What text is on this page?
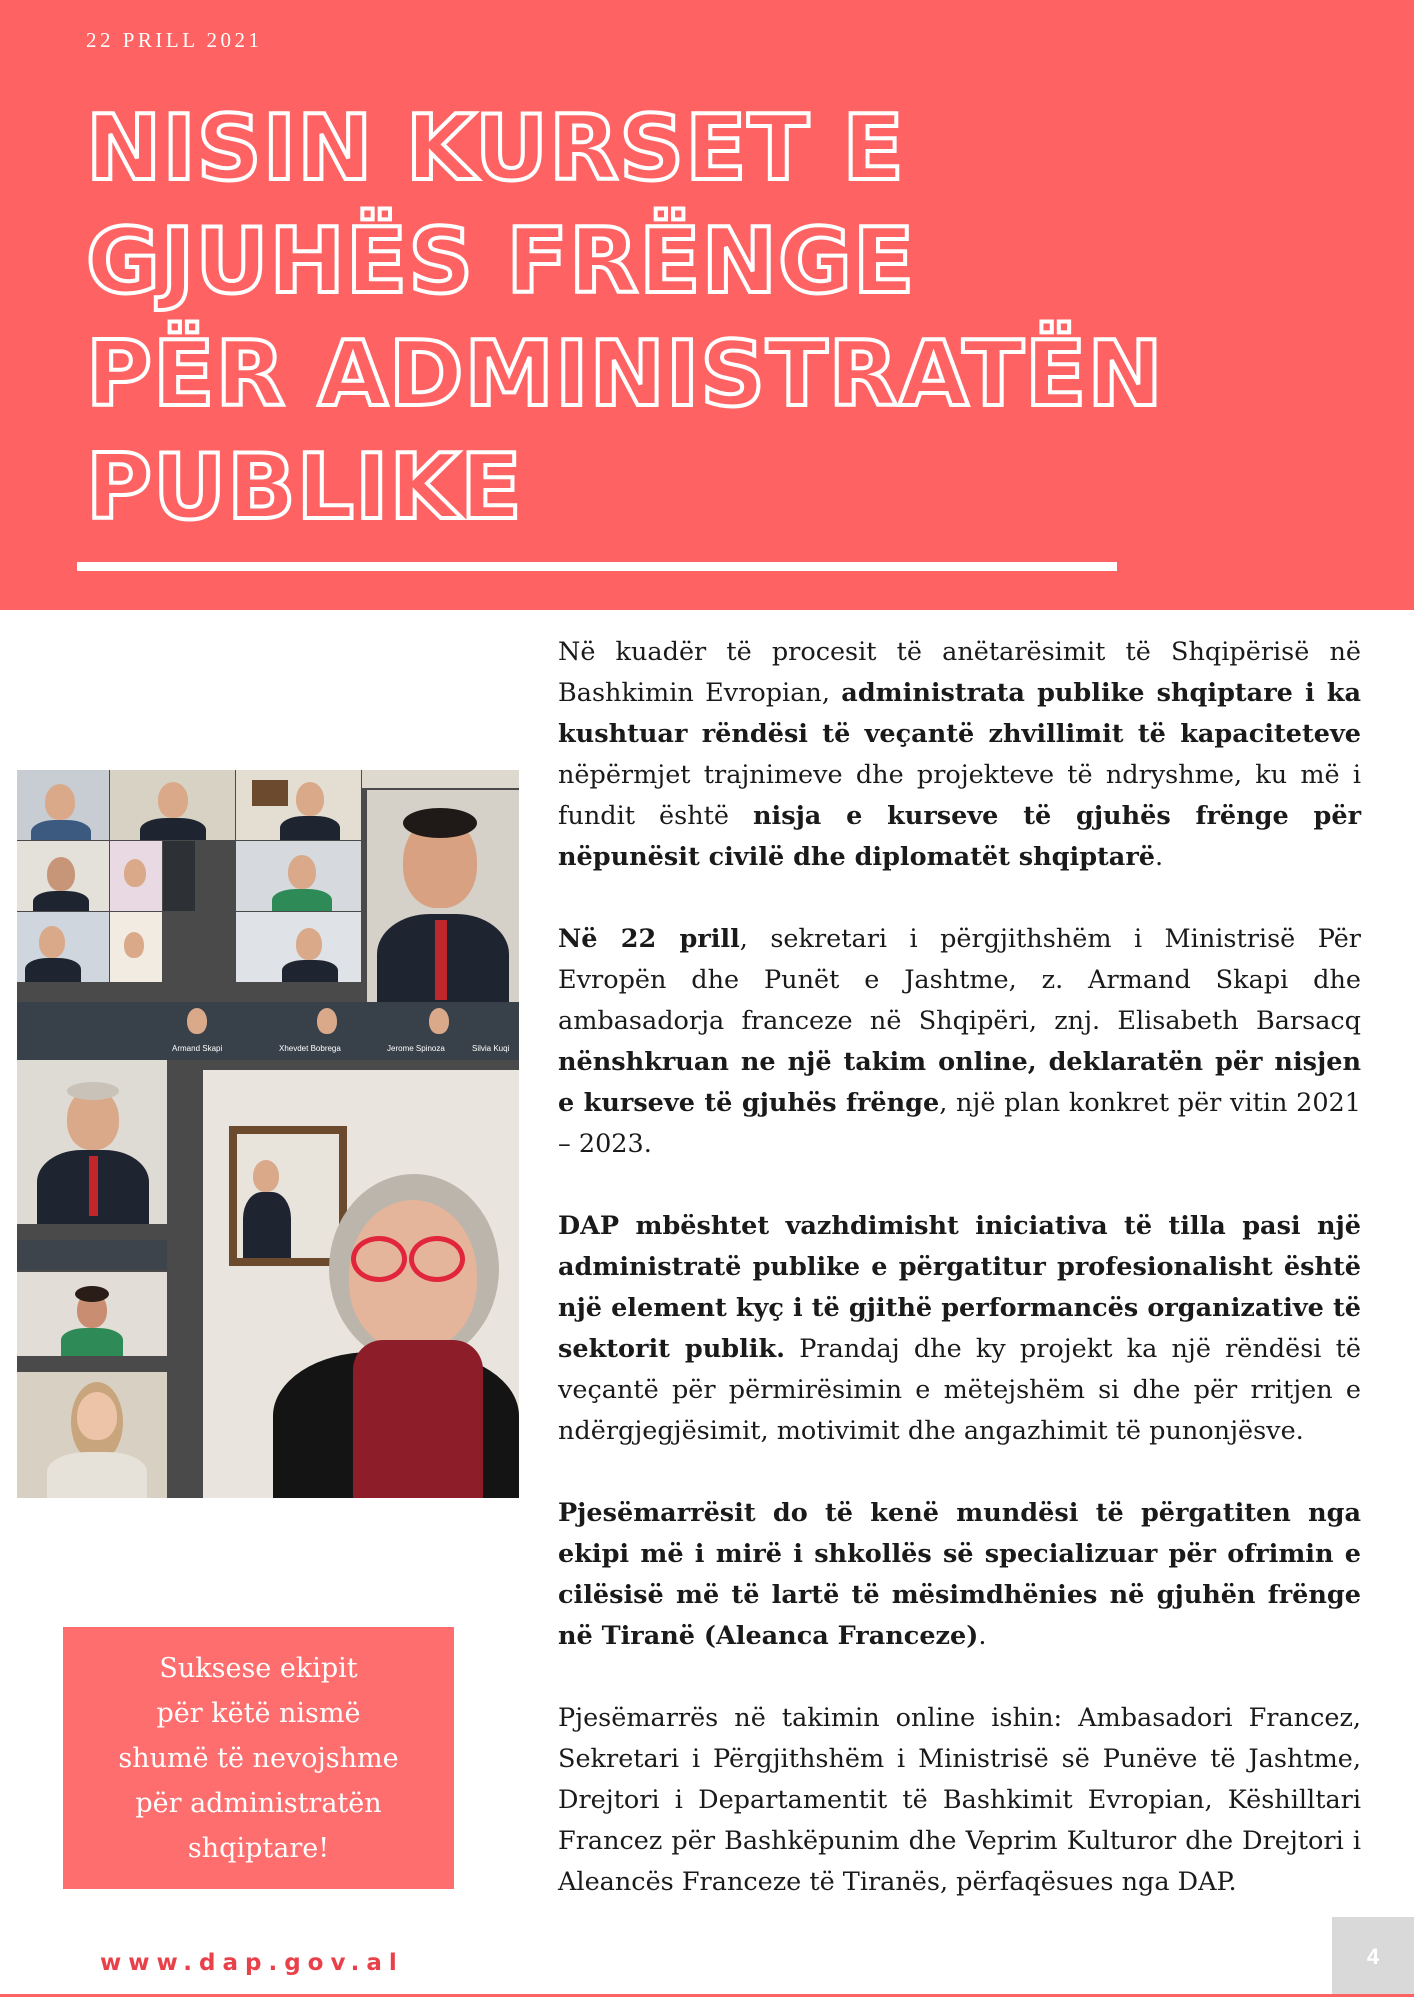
22 PRILL 2021
NISIN KURSET E
GJUHËS FRËNGE
PËR ADMINISTRATËN
PUBLIKE
Armand Skapi	Xhevdet Bobrega	Jerome Spinoza	Silvia Kuqi

Në kuadër të procesit të anëtarësimit të Shqipërisë në Bashkimin Evropian, administrata publike shqiptare i ka kushtuar rëndësi të veçantë zhvillimit të kapaciteteve nëpërmjet trajnimeve dhe projekteve të ndryshme, ku më i fundit është nisja e kurseve të gjuhës frënge për nëpunësit civilë dhe diplomatët shqiptarë.

Në 22 prill, sekretari i përgjithshëm i Ministrisë Për Evropën dhe Punët e Jashtme, z. Armand Skapi dhe ambasadorja franceze në Shqipëri, znj. Elisabeth Barsacq nënshkruan ne një takim online, deklaratën për nisjen e kurseve të gjuhës frënge, një plan konkret për vitin 2021 – 2023.

DAP mbështet vazhdimisht iniciativa të tilla pasi një administratë publike e përgatitur profesionalisht është një element kyç i të gjithë performancës organizative të sektorit publik. Prandaj dhe ky projekt ka një rëndësi të veçantë për përmirësimin e mëtejshëm si dhe për rritjen e ndërgjegjësimit, motivimit dhe angazhimit të punonjësve.

Pjesëmarrësit do të kenë mundësi të përgatiten nga ekipi më i mirë i shkollës së specializuar për ofrimin e cilësisë më të lartë të mësimdhënies në gjuhën frënge në Tiranë (Aleanca Franceze).

Pjesëmarrës në takimin online ishin: Ambasadori Francez, Sekretari i Përgjithshëm i Ministrisë së Punëve të Jashtme, Drejtori i Departamentit të Bashkimit Evropian, Këshilltari Francez për Bashkëpunim dhe Veprim Kulturor dhe Drejtori i Aleancës Franceze të Tiranës, përfaqësues nga DAP.

Suksese ekipit
për këtë nismë
shumë të nevojshme
për administratën
shqiptare!
www.dap.gov.al	4
